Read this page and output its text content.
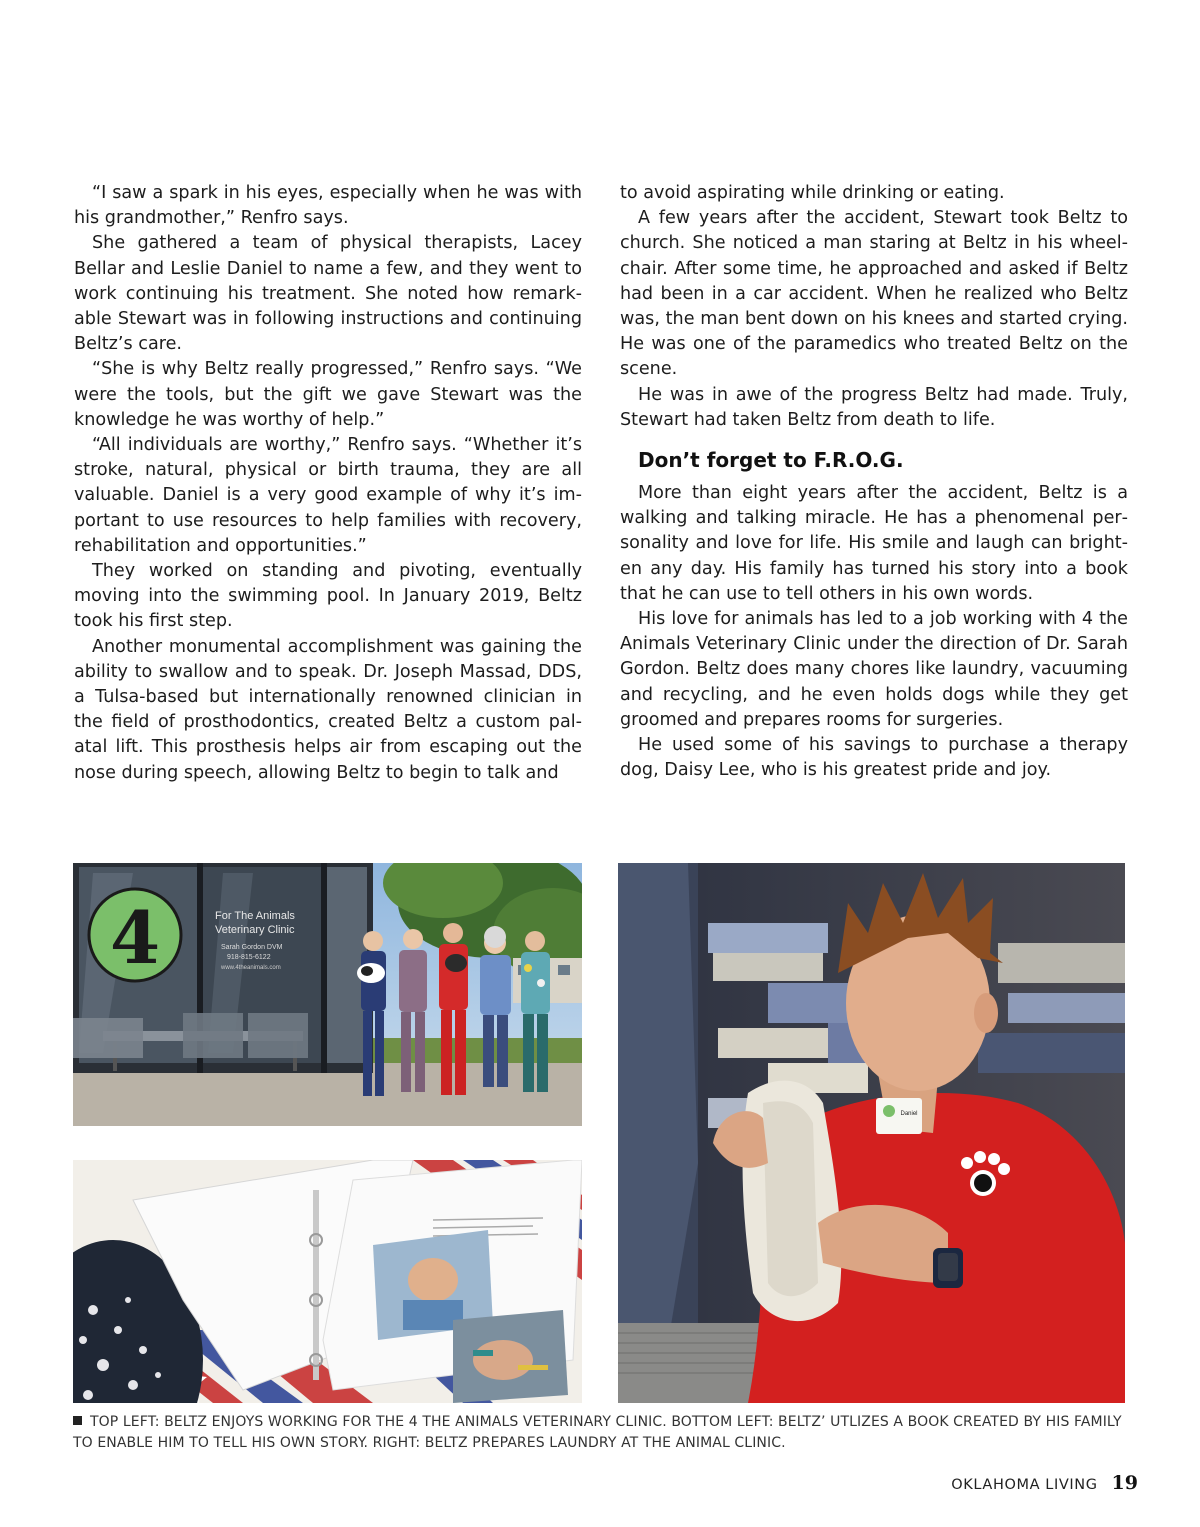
“I saw a spark in his eyes, especially when he was with his grandmother,” Renfro says.

She gathered a team of physical therapists, Lacey Bellar and Leslie Daniel to name a few, and they went to work continuing his treatment. She noted how remarkable Stewart was in following instructions and continuing Beltz’s care.

“She is why Beltz really progressed,” Renfro says. “We were the tools, but the gift we gave Stewart was the knowledge he was worthy of help.”

“All individuals are worthy,” Renfro says. “Whether it’s stroke, natural, physical or birth trauma, they are all valuable. Daniel is a very good example of why it’s important to use resources to help families with recovery, rehabilitation and opportunities.”

They worked on standing and pivoting, eventually moving into the swimming pool. In January 2019, Beltz took his first step.

Another monumental accomplishment was gaining the ability to swallow and to speak. Dr. Joseph Massad, DDS, a Tulsa-based but internationally renowned clinician in the field of prosthodontics, created Beltz a custom palatal lift. This prosthesis helps air from escaping out the nose during speech, allowing Beltz to begin to talk and

to avoid aspirating while drinking or eating.

A few years after the accident, Stewart took Beltz to church. She noticed a man staring at Beltz in his wheelchair. After some time, he approached and asked if Beltz had been in a car accident. When he realized who Beltz was, the man bent down on his knees and started crying. He was one of the paramedics who treated Beltz on the scene.

He was in awe of the progress Beltz had made. Truly, Stewart had taken Beltz from death to life.

Don’t forget to F.R.O.G.

More than eight years after the accident, Beltz is a walking and talking miracle. He has a phenomenal personality and love for life. His smile and laugh can brighten any day. His family has turned his story into a book that he can use to tell others in his own words.

His love for animals has led to a job working with 4 the Animals Veterinary Clinic under the direction of Dr. Sarah Gordon. Beltz does many chores like laundry, vacuuming and recycling, and he even holds dogs while they get groomed and prepares rooms for surgeries.

He used some of his savings to purchase a therapy dog, Daisy Lee, who is his greatest pride and joy.

4	For The Animals
Veterinary Clinic
Sarah Gordon DVM
918-815-6122
www.4theanimals.com
Daniel
TOP LEFT: BELTZ ENJOYS WORKING FOR THE 4 THE ANIMALS VETERINARY CLINIC. BOTTOM LEFT: BELTZ’ UTLIZES A BOOK CREATED BY HIS FAMILY TO ENABLE HIM TO TELL HIS OWN STORY. RIGHT: BELTZ PREPARES LAUNDRY AT THE ANIMAL CLINIC.
OKLAHOMA LIVING 19
